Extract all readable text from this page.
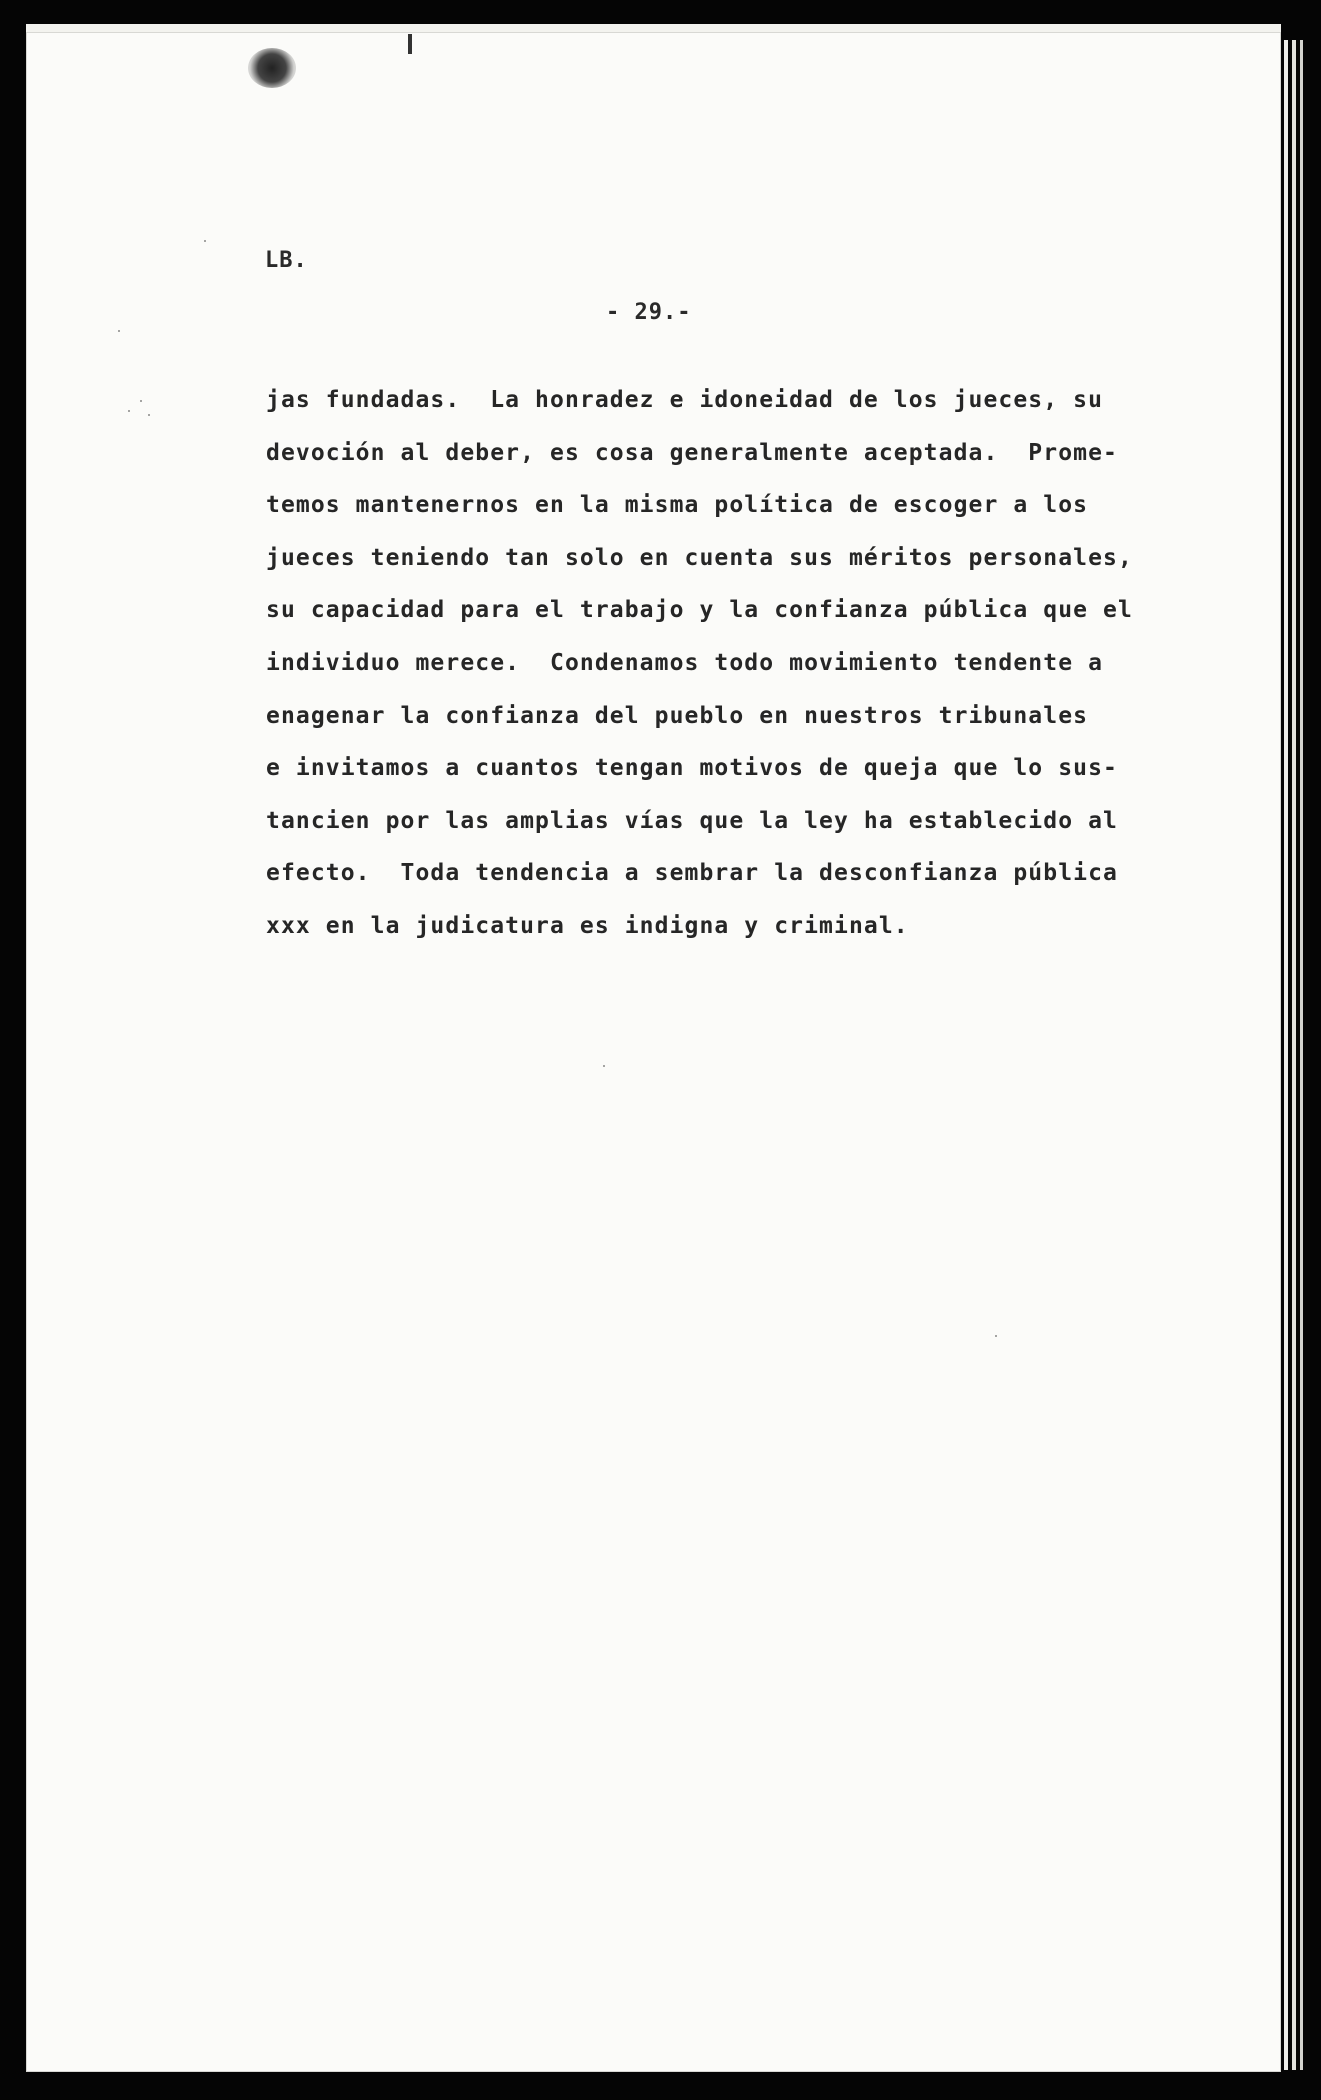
LB.
- 29.-
jas fundadas.  La honradez e idoneidad de los jueces, su
devoción al deber, es cosa generalmente aceptada.  Prome-
temos mantenernos en la misma política de escoger a los
jueces teniendo tan solo en cuenta sus méritos personales,
su capacidad para el trabajo y la confianza pública que el
individuo merece.  Condenamos todo movimiento tendente a
enagenar la confianza del pueblo en nuestros tribunales
e invitamos a cuantos tengan motivos de queja que lo sus-
tancien por las amplias vías que la ley ha establecido al
efecto.  Toda tendencia a sembrar la desconfianza pública
xxx en la judicatura es indigna y criminal.
